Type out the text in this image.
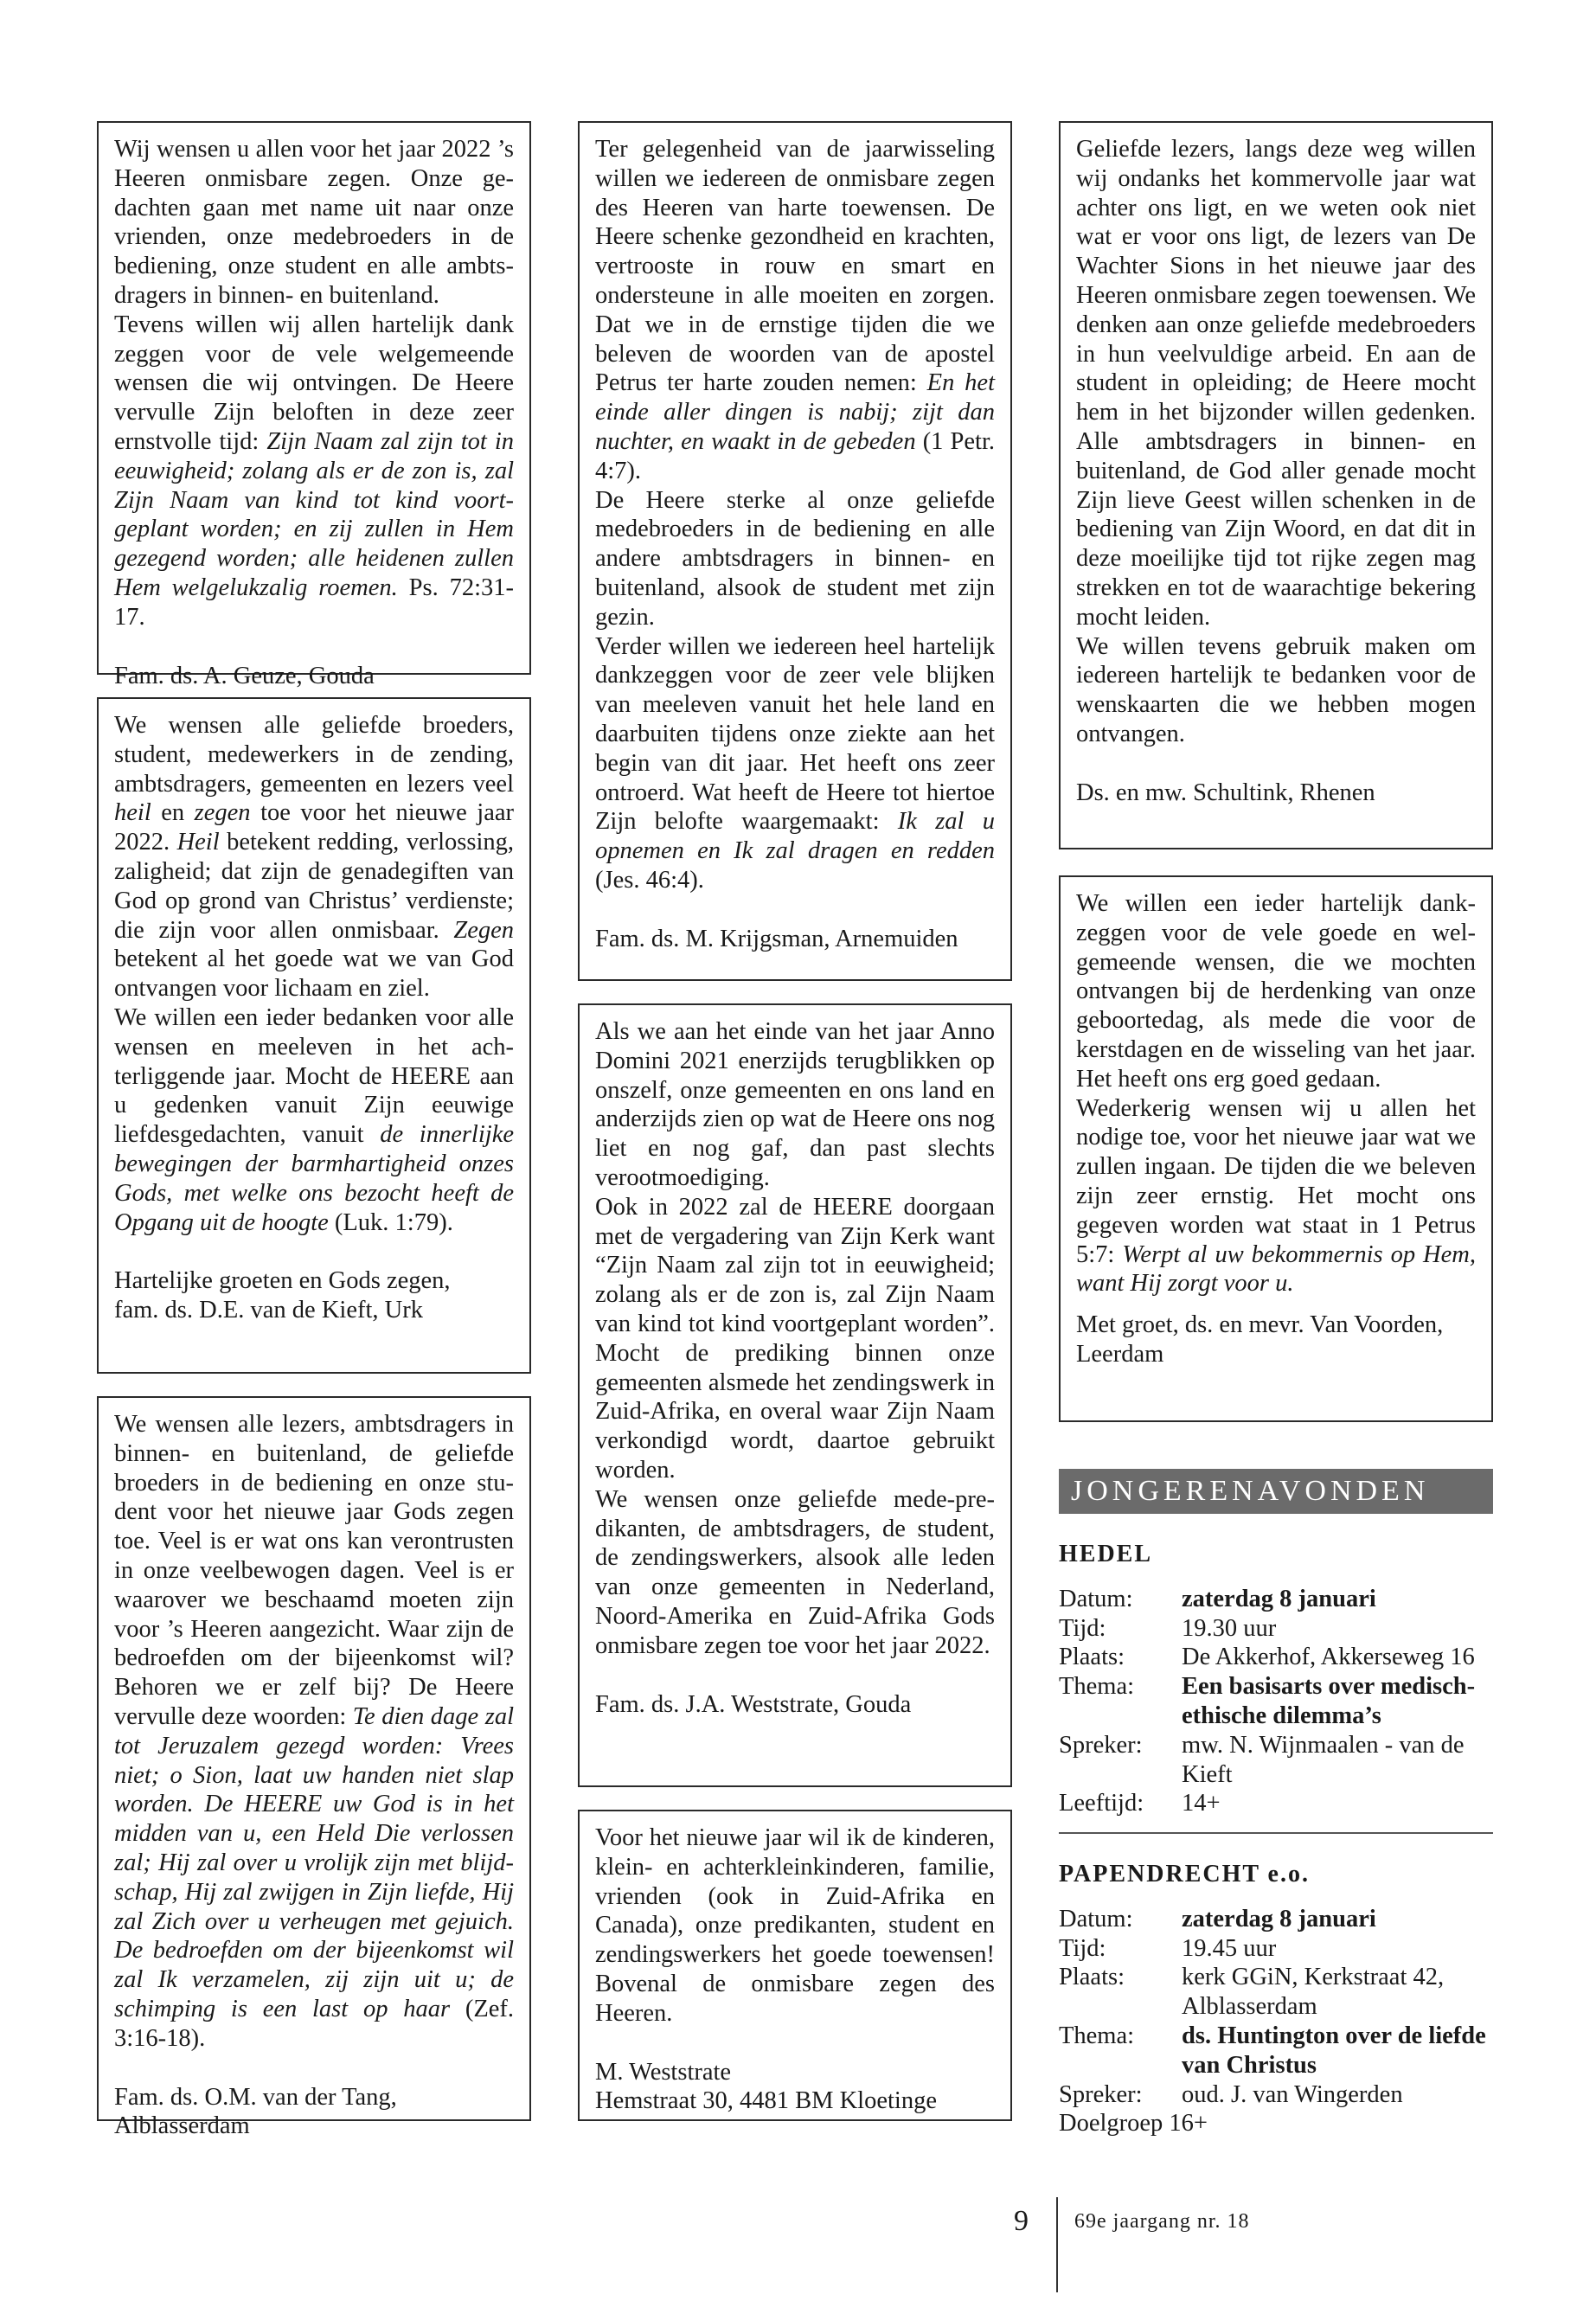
Wij wensen u allen voor het jaar 2022 ’s Heeren onmisbare zegen. Onze gedachten gaan met name uit naar onze vrienden, onze medebroeders in de bediening, onze student en alle ambtsdragers in binnen- en buitenland.

Tevens willen wij allen hartelijk dank zeggen voor de vele welgemeende wensen die wij ontvingen. De Heere vervulle Zijn beloften in deze zeer ernstvolle tijd: Zijn Naam zal zijn tot in eeuwigheid; zolang als er de zon is, zal Zijn Naam van kind tot kind voortgeplant worden; en zij zullen in Hem gezegend worden; alle heidenen zullen Hem welgelukzalig roemen. Ps. 72:31-17.

Fam. ds. A. Geuze, Gouda

We wensen alle geliefde broeders, student, medewerkers in de zending, ambtsdragers, gemeenten en lezers veel heil en zegen toe voor het nieuwe jaar 2022. Heil betekent redding, verlossing, zaligheid; dat zijn de genadegiften van God op grond van Christus’ verdienste; die zijn voor allen onmisbaar. Zegen betekent al het goede wat we van God ontvangen voor lichaam en ziel.

We willen een ieder bedanken voor alle wensen en meeleven in het achterliggende jaar. Mocht de HEERE aan u gedenken vanuit Zijn eeuwige liefdesgedachten, vanuit de innerlijke bewegingen der barmhartigheid onzes Gods, met welke ons bezocht heeft de Opgang uit de hoogte (Luk. 1:79).

Hartelijke groeten en Gods zegen,

fam. ds. D.E. van de Kieft, Urk

We wensen alle lezers, ambtsdragers in binnen- en buitenland, de geliefde broeders in de bediening en onze student voor het nieuwe jaar Gods zegen toe. Veel is er wat ons kan verontrusten in onze veelbewogen dagen. Veel is er waarover we beschaamd moeten zijn voor ’s Heeren aangezicht. Waar zijn de bedroefden om der bijeenkomst wil? Behoren we er zelf bij? De Heere vervulle deze woorden: Te dien dage zal tot Jeruzalem gezegd worden: Vrees niet; o Sion, laat uw handen niet slap worden. De HEERE uw God is in het midden van u, een Held Die verlossen zal; Hij zal over u vrolijk zijn met blijdschap, Hij zal zwijgen in Zijn liefde, Hij zal Zich over u verheugen met gejuich. De bedroefden om der bijeenkomst wil zal Ik verzamelen, zij zijn uit u; de schimping is een last op haar (Zef. 3:16-18).

Fam. ds. O.M. van der Tang,

Alblasserdam

Ter gelegenheid van de jaarwisseling willen we iedereen de onmisbare zegen des Heeren van harte toewensen. De Heere schenke gezondheid en krachten, vertrooste in rouw en smart en ondersteune in alle moeiten en zorgen. Dat we in de ernstige tijden die we beleven de woorden van de apostel Petrus ter harte zouden nemen: En het einde aller dingen is nabij; zijt dan nuchter, en waakt in de gebeden (1 Petr. 4:7).

De Heere sterke al onze geliefde medebroeders in de bediening en alle andere ambtsdragers in binnen- en buitenland, alsook de student met zijn gezin.

Verder willen we iedereen heel hartelijk dankzeggen voor de zeer vele blijken van meeleven vanuit het hele land en daarbuiten tijdens onze ziekte aan het begin van dit jaar. Het heeft ons zeer ontroerd. Wat heeft de Heere tot hiertoe Zijn belofte waargemaakt: Ik zal u opnemen en Ik zal dragen en redden (Jes. 46:4).

Fam. ds. M. Krijgsman, Arnemuiden

Als we aan het einde van het jaar Anno Domini 2021 enerzijds terugblikken op onszelf, onze gemeenten en ons land en anderzijds zien op wat de Heere ons nog liet en nog gaf, dan past slechts verootmoediging.

Ook in 2022 zal de HEERE doorgaan met de vergadering van Zijn Kerk want “Zijn Naam zal zijn tot in eeuwigheid; zolang als er de zon is, zal Zijn Naam van kind tot kind voortgeplant worden”. Mocht de prediking binnen onze gemeenten alsmede het zendingswerk in Zuid-Afrika, en overal waar Zijn Naam verkondigd wordt, daartoe gebruikt worden.

We wensen onze geliefde mede-predikanten, de ambtsdragers, de student, de zendingswerkers, alsook alle leden van onze gemeenten in Nederland, Noord-Amerika en Zuid-Afrika Gods onmisbare zegen toe voor het jaar 2022.

Fam. ds. J.A. Weststrate, Gouda

Voor het nieuwe jaar wil ik de kinderen, klein- en achterkleinkinderen, familie, vrienden (ook in Zuid-Afrika en Canada), onze predikanten, student en zendingswerkers het goede toewensen! Bovenal de onmisbare zegen des Heeren.

M. Weststrate

Hemstraat 30, 4481 BM Kloetinge

Geliefde lezers, langs deze weg willen wij ondanks het kommervolle jaar wat achter ons ligt, en we weten ook niet wat er voor ons ligt, de lezers van De Wachter Sions in het nieuwe jaar des Heeren onmisbare zegen toewensen. We denken aan onze geliefde medebroeders in hun veelvuldige arbeid. En aan de student in opleiding; de Heere mocht hem in het bijzonder willen gedenken. Alle ambtsdragers in binnen- en buitenland, de God aller genade mocht Zijn lieve Geest willen schenken in de bediening van Zijn Woord, en dat dit in deze moeilijke tijd tot rijke zegen mag strekken en tot de waarachtige bekering mocht leiden.

We willen tevens gebruik maken om iedereen hartelijk te bedanken voor de wenskaarten die we hebben mogen ontvangen.

Ds. en mw. Schultink, Rhenen

We willen een ieder hartelijk dankzeggen voor de vele goede en welgemeende wensen, die we mochten ontvangen bij de herdenking van onze geboortedag, als mede die voor de kerstdagen en de wisseling van het jaar. Het heeft ons erg goed gedaan.

Wederkerig wensen wij u allen het nodige toe, voor het nieuwe jaar wat we zullen ingaan. De tijden die we beleven zijn zeer ernstig. Het mocht ons gegeven worden wat staat in 1 Petrus 5:7: Werpt al uw bekommernis op Hem, want Hij zorgt voor u.

Met groet, ds. en mevr. Van Voorden,

Leerdam

JONGERENAVONDEN
HEDEL
Datum:	zaterdag 8 januari
Tijd:	19.30 uur
Plaats:	De Akkerhof, Akkerseweg 16
Thema:	Een basisarts over medischethische dilemma’s
Spreker:	mw. N. Wijnmaalen - van de Kieft
Leeftijd:	14+
PAPENDRECHT e.o.
Datum:	zaterdag 8 januari
Tijd:	19.45 uur
Plaats:	kerk GGiN, Kerkstraat 42, Alblasserdam
Thema:	ds. Huntington over de liefde van Christus
Spreker:	oud. J. van Wingerden
Doelgroep 16+
9 69e jaargang nr. 18
